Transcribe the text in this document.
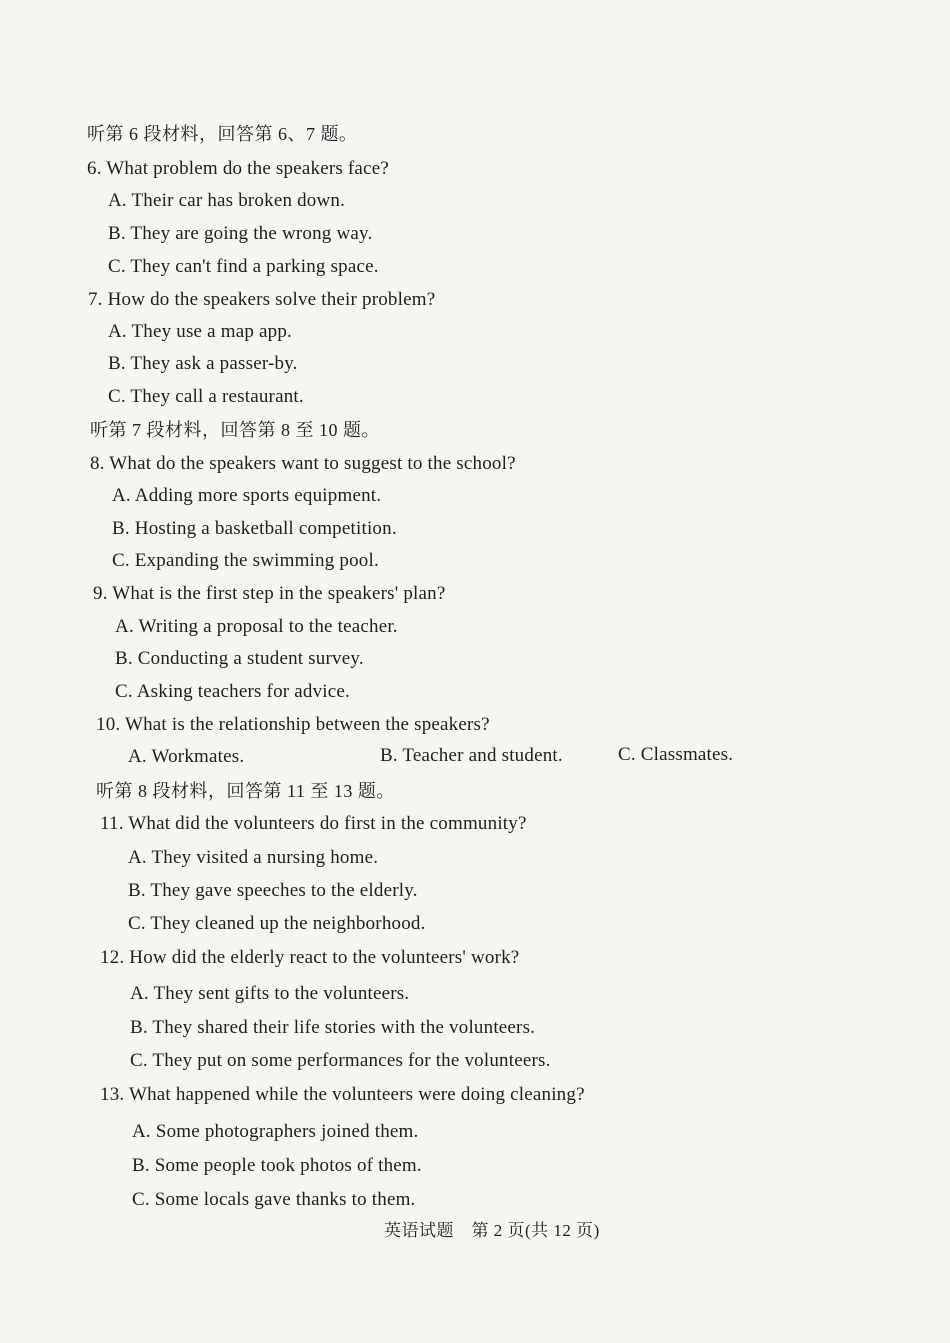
听第 6 段材料，回答第 6、7 题。
6. What problem do the speakers face?
A. Their car has broken down.
B. They are going the wrong way.
C. They can't find a parking space.
7. How do the speakers solve their problem?
A. They use a map app.
B. They ask a passer-by.
C. They call a restaurant.
听第 7 段材料，回答第 8 至 10 题。
8. What do the speakers want to suggest to the school?
A. Adding more sports equipment.
B. Hosting a basketball competition.
C. Expanding the swimming pool.
9. What is the first step in the speakers' plan?
A. Writing a proposal to the teacher.
B. Conducting a student survey.
C. Asking teachers for advice.
10. What is the relationship between the speakers?
A. Workmates.	B. Teacher and student.	C. Classmates.
听第 8 段材料，回答第 11 至 13 题。
11. What did the volunteers do first in the community?
A. They visited a nursing home.
B. They gave speeches to the elderly.
C. They cleaned up the neighborhood.
12. How did the elderly react to the volunteers' work?
A. They sent gifts to the volunteers.
B. They shared their life stories with the volunteers.
C. They put on some performances for the volunteers.
13. What happened while the volunteers were doing cleaning?
A. Some photographers joined them.
B. Some people took photos of them.
C. Some locals gave thanks to them.
英语试题　第 2 页(共 12 页)
